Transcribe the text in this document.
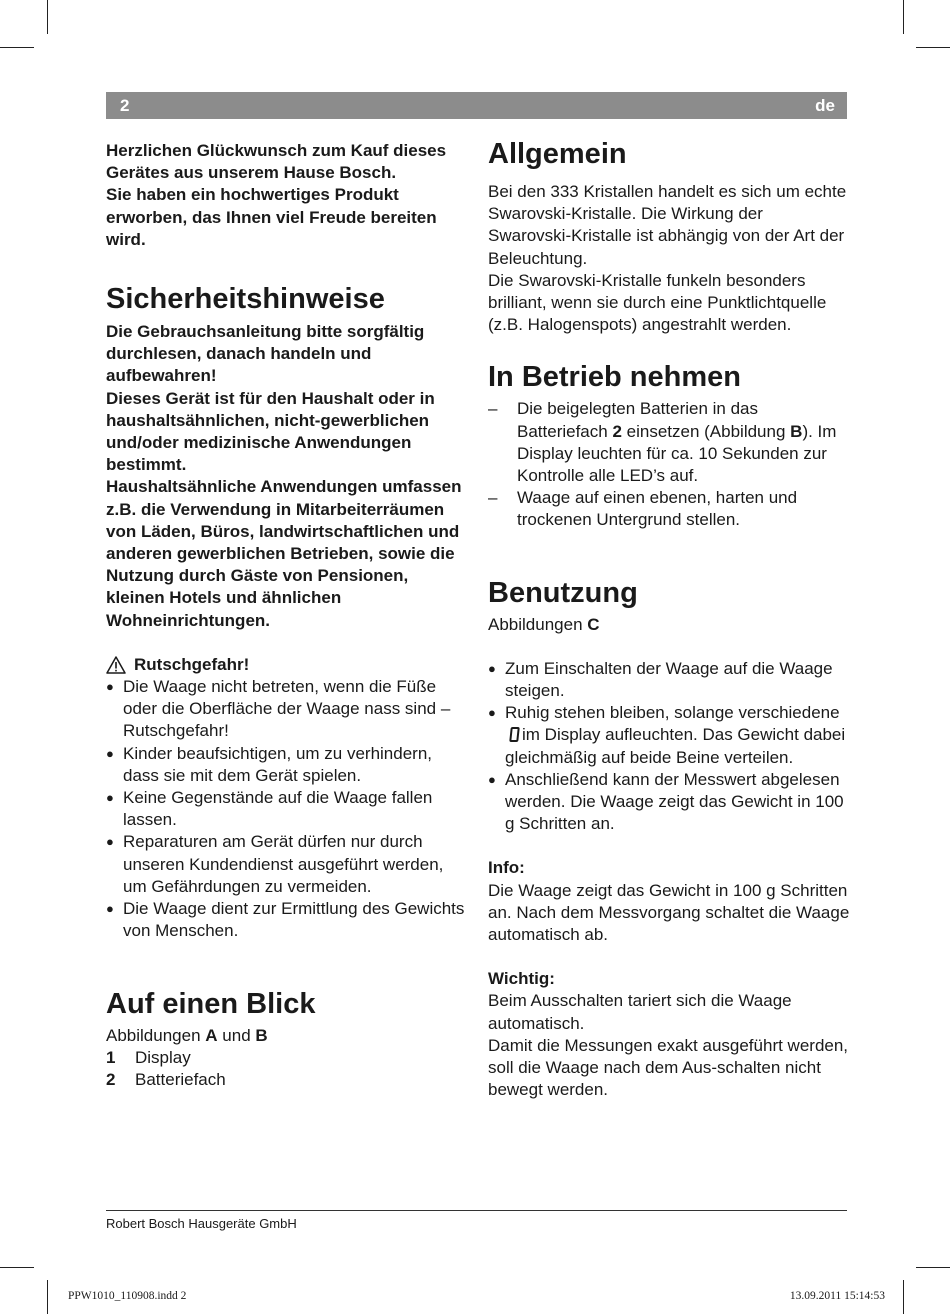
2	de

Herzlichen Glückwunsch zum Kauf dieses Gerätes aus unserem Hause Bosch.

Sie haben ein hochwertiges Produkt erworben, das Ihnen viel Freude bereiten wird.

Sicherheitshinweise

Die Gebrauchsanleitung bitte sorgfältig durchlesen, danach handeln und aufbewahren!

Dieses Gerät ist für den Haushalt oder in haushaltsähnlichen, nicht-gewerblichen und/oder medizinische Anwendungen bestimmt.

Haushaltsähnliche Anwendungen umfassen z.B. die Verwendung in Mitarbeiterräumen von Läden, Büros, landwirtschaftlichen und anderen gewerblichen Betrieben, sowie die Nutzung durch Gäste von Pensionen, kleinen Hotels und ähnlichen Wohneinrichtungen.

Rutschgefahr!
● Die Waage nicht betreten, wenn die Füße oder die Oberfläche der Waage nass sind – Rutschgefahr!
● Kinder beaufsichtigen, um zu verhindern, dass sie mit dem Gerät spielen.
● Keine Gegenstände auf die Waage fallen lassen.
● Reparaturen am Gerät dürfen nur durch unseren Kundendienst ausgeführt werden, um Gefährdungen zu vermeiden.
● Die Waage dient zur Ermittlung des Gewichts von Menschen.
Auf einen Blick

Abbildungen A und B

1	Display
2	Batteriefach
Allgemein

Bei den 333 Kristallen handelt es sich um echte Swarovski-Kristalle. Die Wirkung der Swarovski-Kristalle ist abhängig von der Art der Beleuchtung.

Die Swarovski-Kristalle funkeln besonders brilliant, wenn sie durch eine Punktlichtquelle (z.B. Halogenspots) angestrahlt werden.

In Betrieb nehmen
– Die beigelegten Batterien in das Batteriefach 2 einsetzen (Abbildung B). Im Display leuchten für ca. 10 Sekunden zur Kontrolle alle LED’s auf.
– Waage auf einen ebenen, harten und trockenen Untergrund stellen.
Benutzung

Abbildungen C

● Zum Einschalten der Waage auf die Waage steigen.
● Ruhig stehen bleiben, solange verschiedeneim Display aufleuchten. Das Gewicht dabei gleichmäßig auf beide Beine verteilen.
● Anschließend kann der Messwert abgelesen werden. Die Waage zeigt das Gewicht in 100 g Schritten an.

Info:

Die Waage zeigt das Gewicht in 100 g Schritten an. Nach dem Messvorgang schaltet die Waage automatisch ab.

Wichtig:

Beim Ausschalten tariert sich die Waage automatisch.

Damit die Messungen exakt ausgeführt werden, soll die Waage nach dem Aus-schalten nicht bewegt werden.

Robert Bosch Hausgeräte GmbH
PPW1010_110908.indd 2	13.09.2011 15:14:53
